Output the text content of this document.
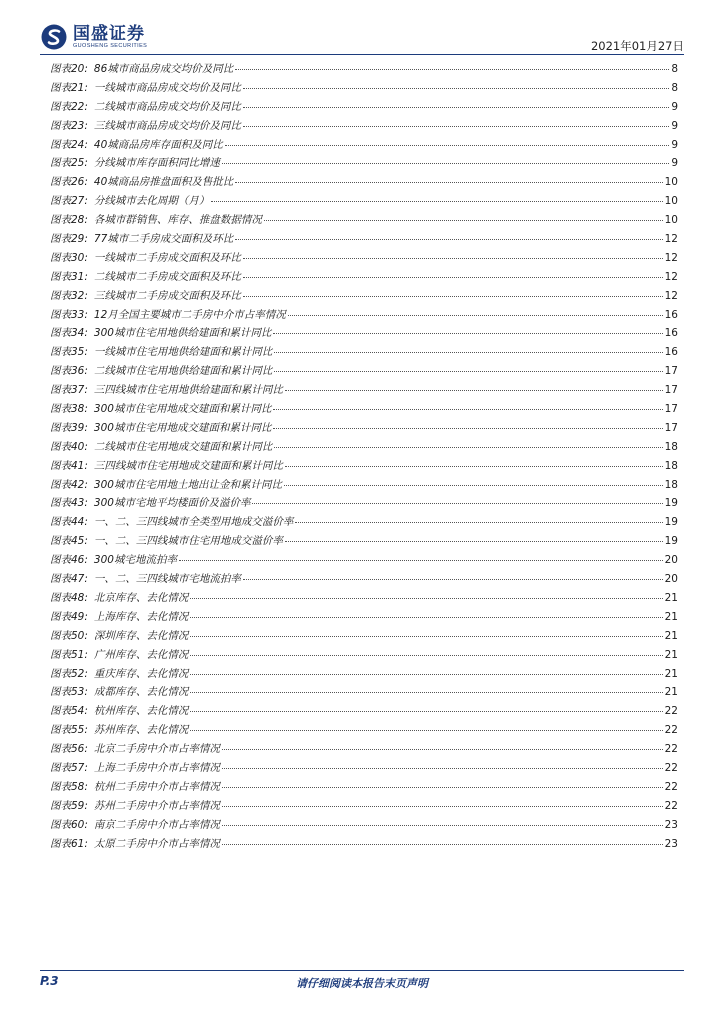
国盛证券
GUOSHENG SECURITIES	2021年01月27日
图表20: 86城市商品房成交均价及同比	8
图表21: 一线城市商品房成交均价及同比	8
图表22: 二线城市商品房成交均价及同比	9
图表23: 三线城市商品房成交均价及同比	9
图表24: 40城商品房库存面积及同比	9
图表25: 分线城市库存面积同比增速	9
图表26: 40城商品房推盘面积及售批比	10
图表27: 分线城市去化周期（月）	10
图表28: 各城市群销售、库存、推盘数据情况	10
图表29: 77城市二手房成交面积及环比	12
图表30: 一线城市二手房成交面积及环比	12
图表31: 二线城市二手房成交面积及环比	12
图表32: 三线城市二手房成交面积及环比	12
图表33: 12月全国主要城市二手房中介市占率情况	16
图表34: 300城市住宅用地供给建面和累计同比	16
图表35: 一线城市住宅用地供给建面和累计同比	16
图表36: 二线城市住宅用地供给建面和累计同比	17
图表37: 三四线城市住宅用地供给建面和累计同比	17
图表38: 300城市住宅用地成交建面和累计同比	17
图表39: 300城市住宅用地成交建面和累计同比	17
图表40: 二线城市住宅用地成交建面和累计同比	18
图表41: 三四线城市住宅用地成交建面和累计同比	18
图表42: 300城市住宅用地土地出让金和累计同比	18
图表43: 300城市宅地平均楼面价及溢价率	19
图表44: 一、二、三四线城市全类型用地成交溢价率	19
图表45: 一、二、三四线城市住宅用地成交溢价率	19
图表46: 300城宅地流拍率	20
图表47: 一、二、三四线城市宅地流拍率	20
图表48: 北京库存、去化情况	21
图表49: 上海库存、去化情况	21
图表50: 深圳库存、去化情况	21
图表51: 广州库存、去化情况	21
图表52: 重庆库存、去化情况	21
图表53: 成都库存、去化情况	21
图表54: 杭州库存、去化情况	22
图表55: 苏州库存、去化情况	22
图表56: 北京二手房中介市占率情况	22
图表57: 上海二手房中介市占率情况	22
图表58: 杭州二手房中介市占率情况	22
图表59: 苏州二手房中介市占率情况	22
图表60: 南京二手房中介市占率情况	23
图表61: 太原二手房中介市占率情况	23
P.3	请仔细阅读本报告末页声明
